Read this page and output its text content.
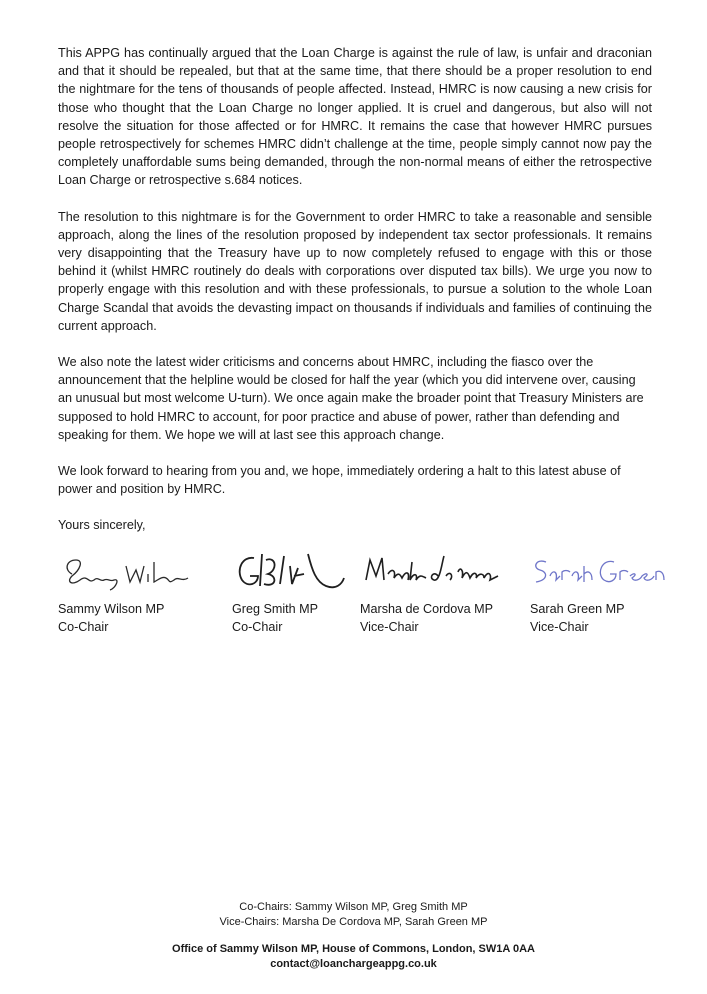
This APPG has continually argued that the Loan Charge is against the rule of law, is unfair and draconian and that it should be repealed, but that at the same time, that there should be a proper resolution to end the nightmare for the tens of thousands of people affected. Instead, HMRC is now causing a new crisis for those who thought that the Loan Charge no longer applied. It is cruel and dangerous, but also will not resolve the situation for those affected or for HMRC. It remains the case that however HMRC pursues people retrospectively for schemes HMRC didn’t challenge at the time, people simply cannot now pay the completely unaffordable sums being demanded, through the non-normal means of either the retrospective Loan Charge or retrospective s.684 notices.

The resolution to this nightmare is for the Government to order HMRC to take a reasonable and sensible approach, along the lines of the resolution proposed by independent tax sector professionals. It remains very disappointing that the Treasury have up to now completely refused to engage with this or those behind it (whilst HMRC routinely do deals with corporations over disputed tax bills). We urge you now to properly engage with this resolution and with these professionals, to pursue a solution to the whole Loan Charge Scandal that avoids the devasting impact on thousands if individuals and families of continuing the current approach.

We also note the latest wider criticisms and concerns about HMRC, including the fiasco over the announcement that the helpline would be closed for half the year (which you did intervene over, causing an unusual but most welcome U-turn). We once again make the broader point that Treasury Ministers are supposed to hold HMRC to account, for poor practice and abuse of power, rather than defending and speaking for them. We hope we will at last see this approach change.

We look forward to hearing from you and, we hope, immediately ordering a halt to this latest abuse of power and position by HMRC.

Yours sincerely,

Sammy Wilson MP
Co-Chair
Greg Smith MP
Co-Chair
Marsha de Cordova MP
Vice-Chair
Sarah Green MP
Vice-Chair
Co-Chairs: Sammy Wilson MP, Greg Smith MP
Vice-Chairs: Marsha De Cordova MP, Sarah Green MP
Office of Sammy Wilson MP, House of Commons, London, SW1A 0AA
contact@loanchargeappg.co.uk
